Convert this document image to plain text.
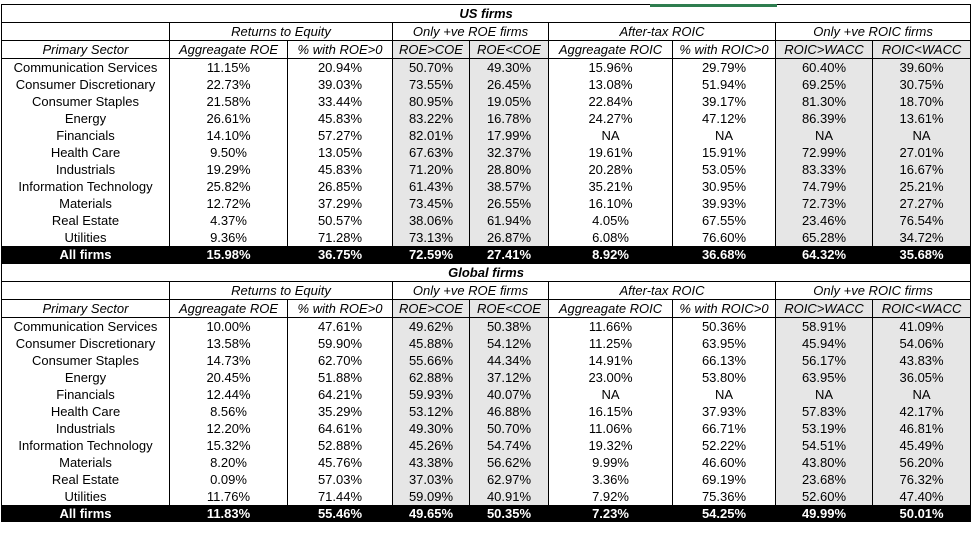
US firms								
	Returns to Equity		Only +ve ROE firms		After-tax ROIC		Only +ve ROIC firms	
Primary Sector	Aggreagate ROE	% with ROE>0	ROE>COE	ROE<COE	Aggreagate ROIC	% with ROIC>0	ROIC>WACC	ROIC<WACC
Communication Services	11.15%	20.94%	50.70%	49.30%	15.96%	29.79%	60.40%	39.60%
Consumer Discretionary	22.73%	39.03%	73.55%	26.45%	13.08%	51.94%	69.25%	30.75%
Consumer Staples	21.58%	33.44%	80.95%	19.05%	22.84%	39.17%	81.30%	18.70%
Energy	26.61%	45.83%	83.22%	16.78%	24.27%	47.12%	86.39%	13.61%
Financials	14.10%	57.27%	82.01%	17.99%	NA	NA	NA	NA
Health Care	9.50%	13.05%	67.63%	32.37%	19.61%	15.91%	72.99%	27.01%
Industrials	19.29%	45.83%	71.20%	28.80%	20.28%	53.05%	83.33%	16.67%
Information Technology	25.82%	26.85%	61.43%	38.57%	35.21%	30.95%	74.79%	25.21%
Materials	12.72%	37.29%	73.45%	26.55%	16.10%	39.93%	72.73%	27.27%
Real Estate	4.37%	50.57%	38.06%	61.94%	4.05%	67.55%	23.46%	76.54%
Utilities	9.36%	71.28%	73.13%	26.87%	6.08%	76.60%	65.28%	34.72%
All firms	15.98%	36.75%	72.59%	27.41%	8.92%	36.68%	64.32%	35.68%
Global firms								
	Returns to Equity		Only +ve ROE firms		After-tax ROIC		Only +ve ROIC firms	
Primary Sector	Aggreagate ROE	% with ROE>0	ROE>COE	ROE<COE	Aggreagate ROIC	% with ROIC>0	ROIC>WACC	ROIC<WACC
Communication Services	10.00%	47.61%	49.62%	50.38%	11.66%	50.36%	58.91%	41.09%
Consumer Discretionary	13.58%	59.90%	45.88%	54.12%	11.25%	63.95%	45.94%	54.06%
Consumer Staples	14.73%	62.70%	55.66%	44.34%	14.91%	66.13%	56.17%	43.83%
Energy	20.45%	51.88%	62.88%	37.12%	23.00%	53.80%	63.95%	36.05%
Financials	12.44%	64.21%	59.93%	40.07%	NA	NA	NA	NA
Health Care	8.56%	35.29%	53.12%	46.88%	16.15%	37.93%	57.83%	42.17%
Industrials	12.20%	64.61%	49.30%	50.70%	11.06%	66.71%	53.19%	46.81%
Information Technology	15.32%	52.88%	45.26%	54.74%	19.32%	52.22%	54.51%	45.49%
Materials	8.20%	45.76%	43.38%	56.62%	9.99%	46.60%	43.80%	56.20%
Real Estate	0.09%	57.03%	37.03%	62.97%	3.36%	69.19%	23.68%	76.32%
Utilities	11.76%	71.44%	59.09%	40.91%	7.92%	75.36%	52.60%	47.40%
All firms	11.83%	55.46%	49.65%	50.35%	7.23%	54.25%	49.99%	50.01%
